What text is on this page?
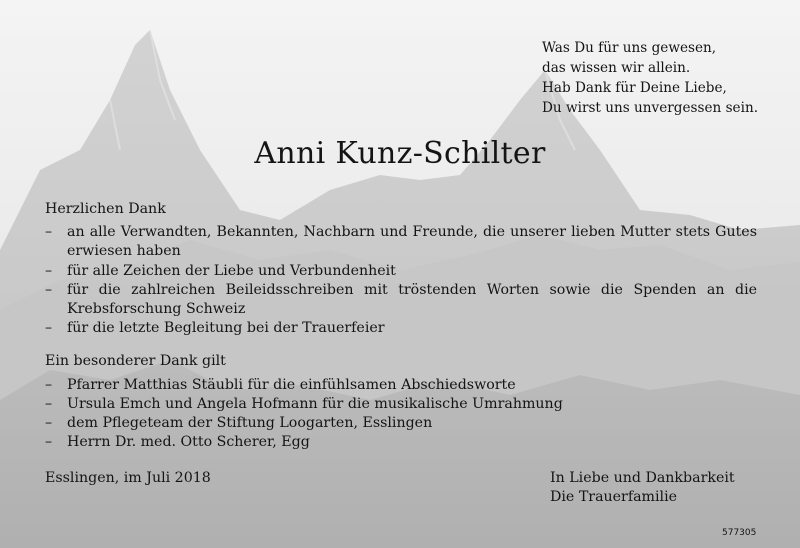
Was Du für uns gewesen,
das wissen wir allein.
Hab Dank für Deine Liebe,
Du wirst uns unvergessen sein.
Anni Kunz-Schilter
Herzlichen Dank
– an alle Verwandten, Bekannten, Nachbarn und Freunde, die unserer lieben Mutter stets Gutes erwiesen haben
– für alle Zeichen der Liebe und Verbundenheit
– für die zahlreichen Beileidsschreiben mit tröstenden Worten sowie die Spenden an die Krebsforschung Schweiz
– für die letzte Begleitung bei der Trauerfeier
Ein besonderer Dank gilt
– Pfarrer Matthias Stäubli für die einfühlsamen Abschiedsworte
– Ursula Emch und Angela Hofmann für die musikalische Umrahmung
– dem Pflegeteam der Stiftung Loogarten, Esslingen
– Herrn Dr. med. Otto Scherer, Egg
Esslingen, im Juli 2018	In Liebe und Dankbarkeit
Die Trauerfamilie
577305
